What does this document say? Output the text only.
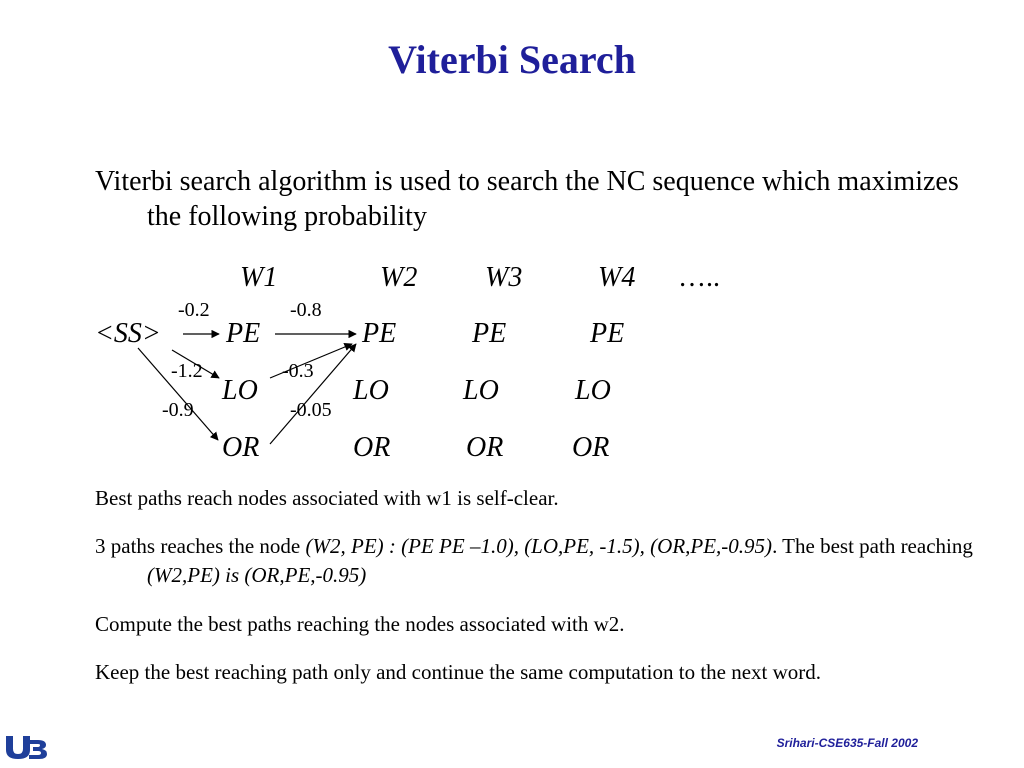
Viterbi Search
Viterbi search algorithm is used to search the NC sequence which maximizes the following probability
W1	W2 W3	W4 …..
<SS> PE	PE	PE	PE
LO	LO	LO	LO
OR	OR	OR OR
-0.2	-0.8
-1.2	-0.3
-0.9	-0.05
Best paths reach nodes associated with w1 is self-clear.
3 paths reaches the node (W2, PE) : (PE PE –1.0), (LO,PE, -1.5), (OR,PE,-0.95). The best path reaching (W2,PE) is (OR,PE,-0.95)
Compute the best paths reaching the nodes associated with w2.
Keep the best reaching path only and continue the same computation to the next word.
Srihari-CSE635-Fall 2002
